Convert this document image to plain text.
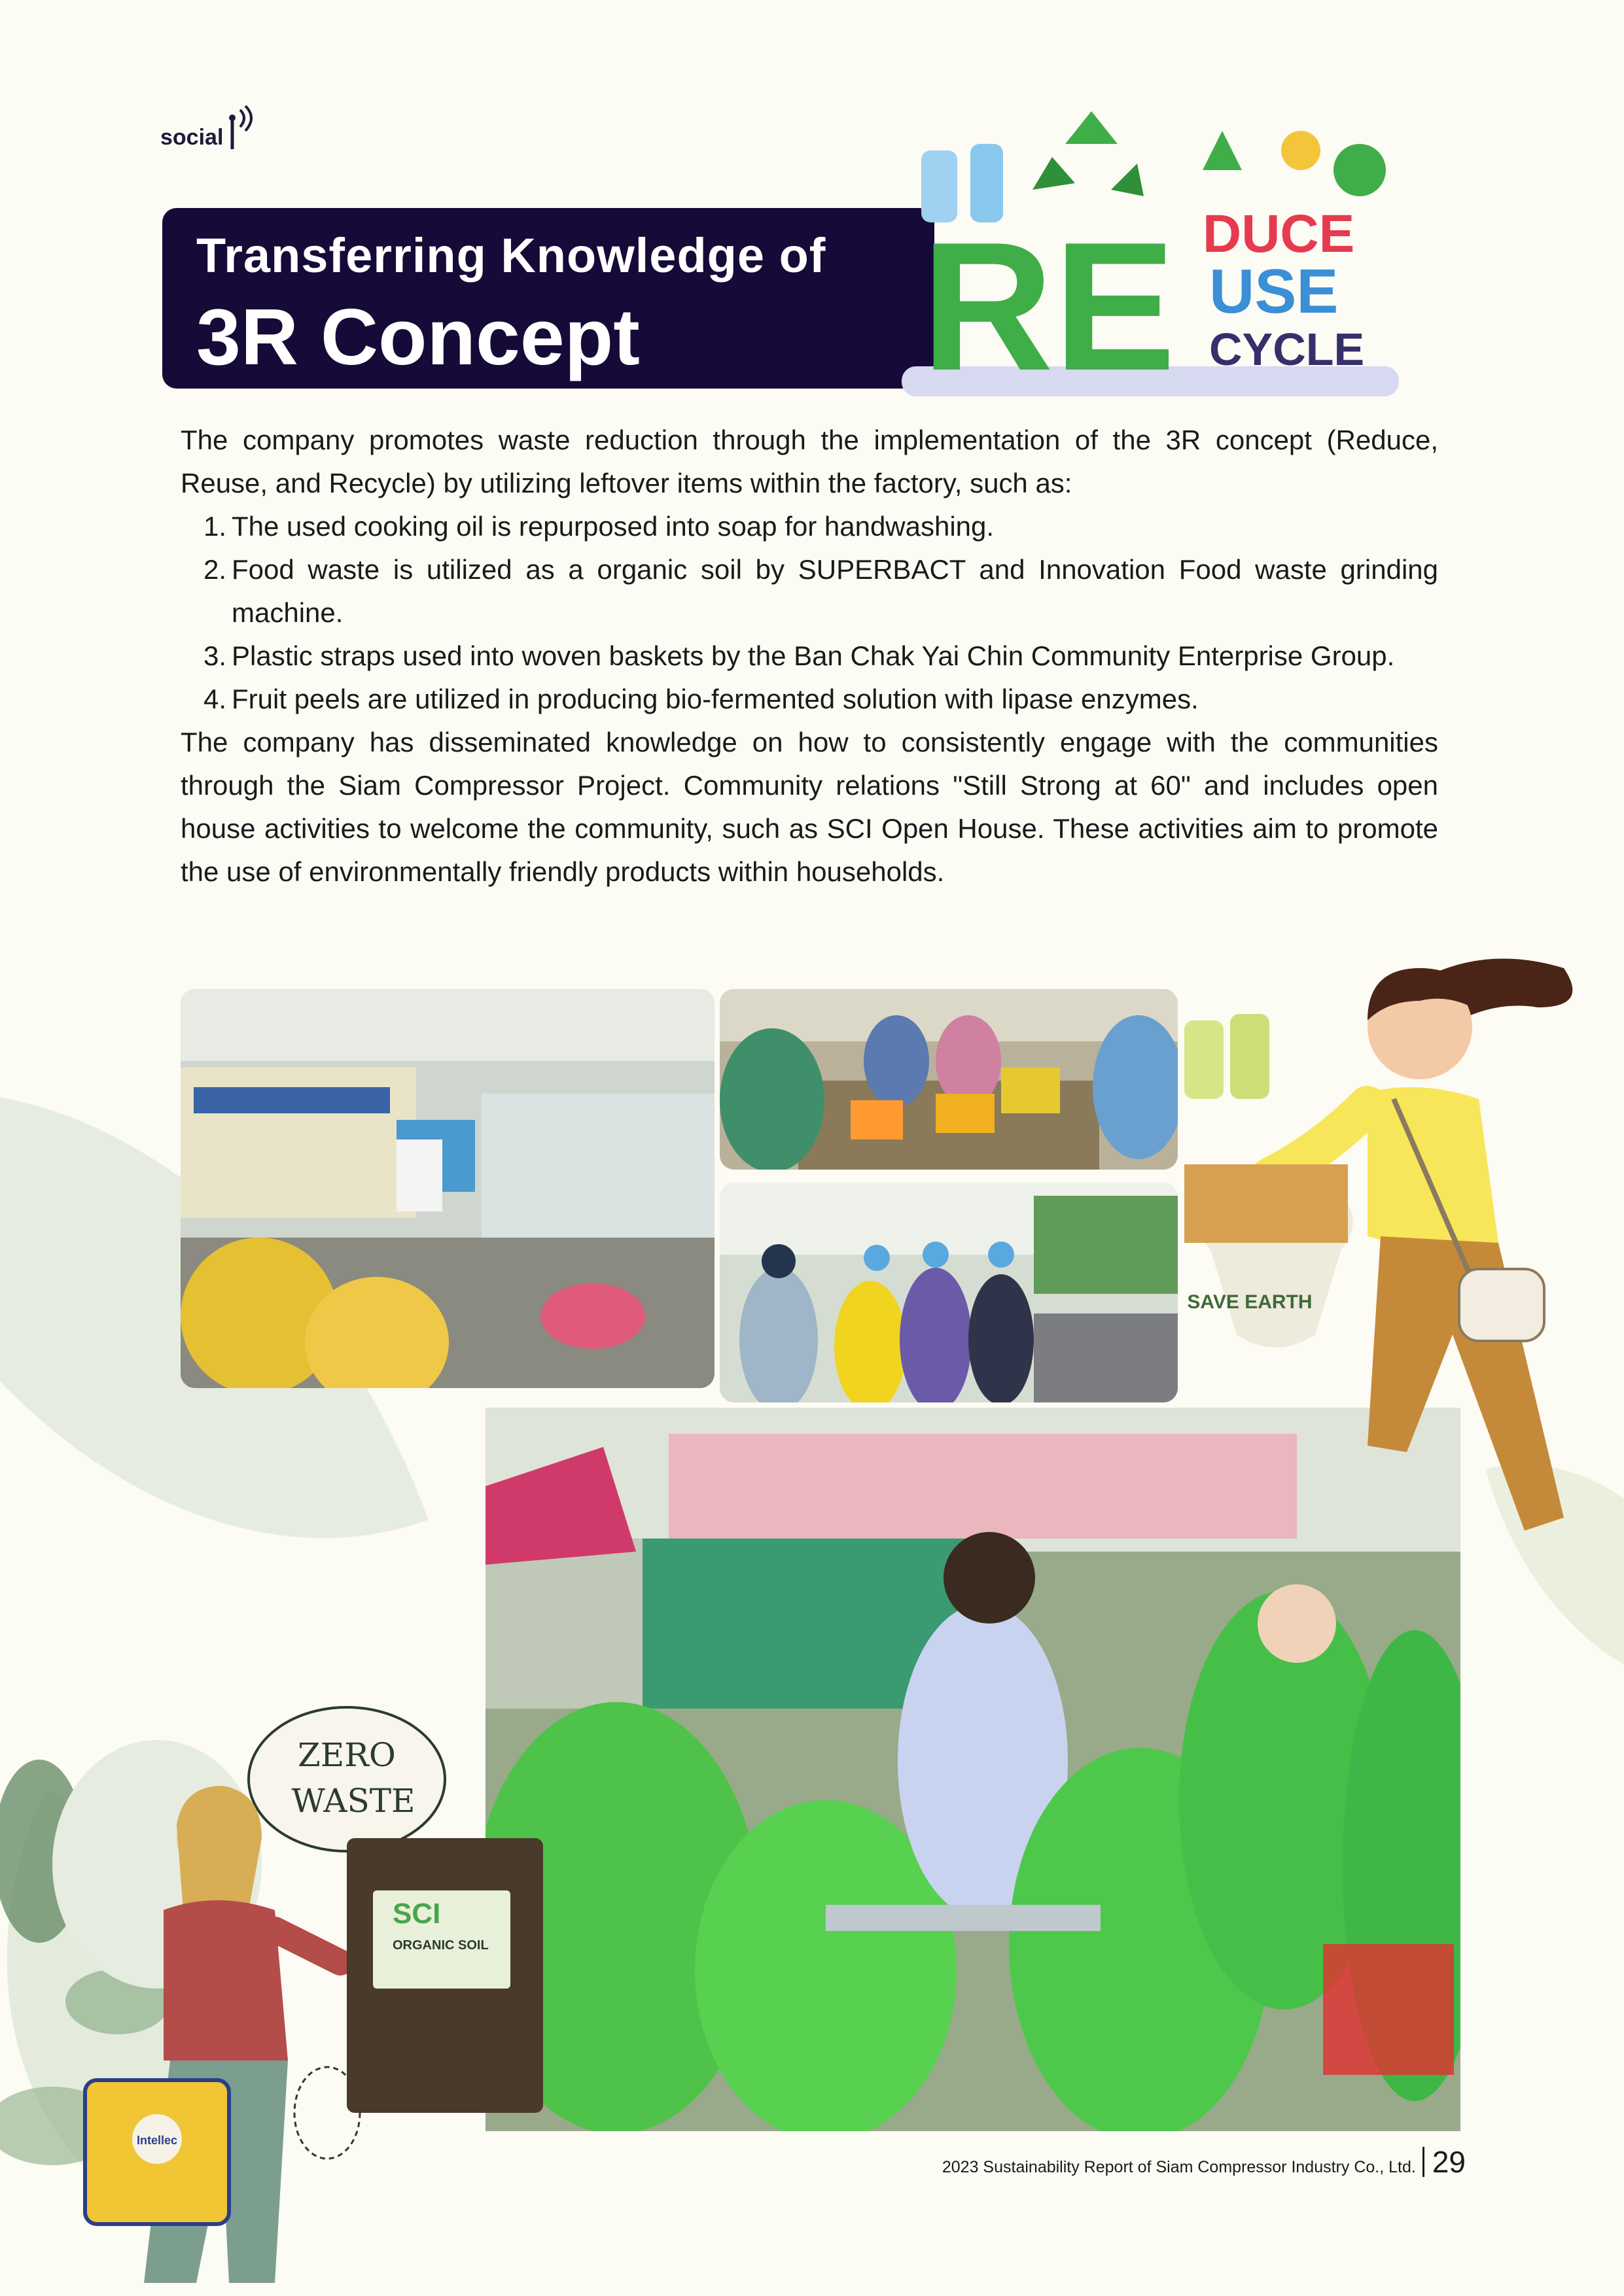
social
Transferring Knowledge of
3R Concept	RE DUCE
USE
CYCLE

The company promotes waste reduction through the implementation of the 3R concept (Reduce, Reuse, and Recycle) by utilizing leftover items within the factory, such as:

1. The used cooking oil is repurposed into soap for handwashing.
2. Food waste is utilized as a organic soil by SUPERBACT and Innovation Food waste grinding machine.
3. Plastic straps used into woven baskets by the Ban Chak Yai Chin Community Enterprise Group.
4. Fruit peels are utilized in producing bio-fermented solution with lipase enzymes.

The company has disseminated knowledge on how to consistently engage with the communities through the Siam Compressor Project. Community relations "Still Strong at 60" and includes open house activities to welcome the community, such as SCI Open House. These activities aim to promote the use of environmentally friendly products within households.

SAVE EARTH
ZERO
WASTE
Intellec
SCI
ORGANIC SOIL
2023 Sustainability Report of Siam Compressor Industry Co., Ltd. 29
